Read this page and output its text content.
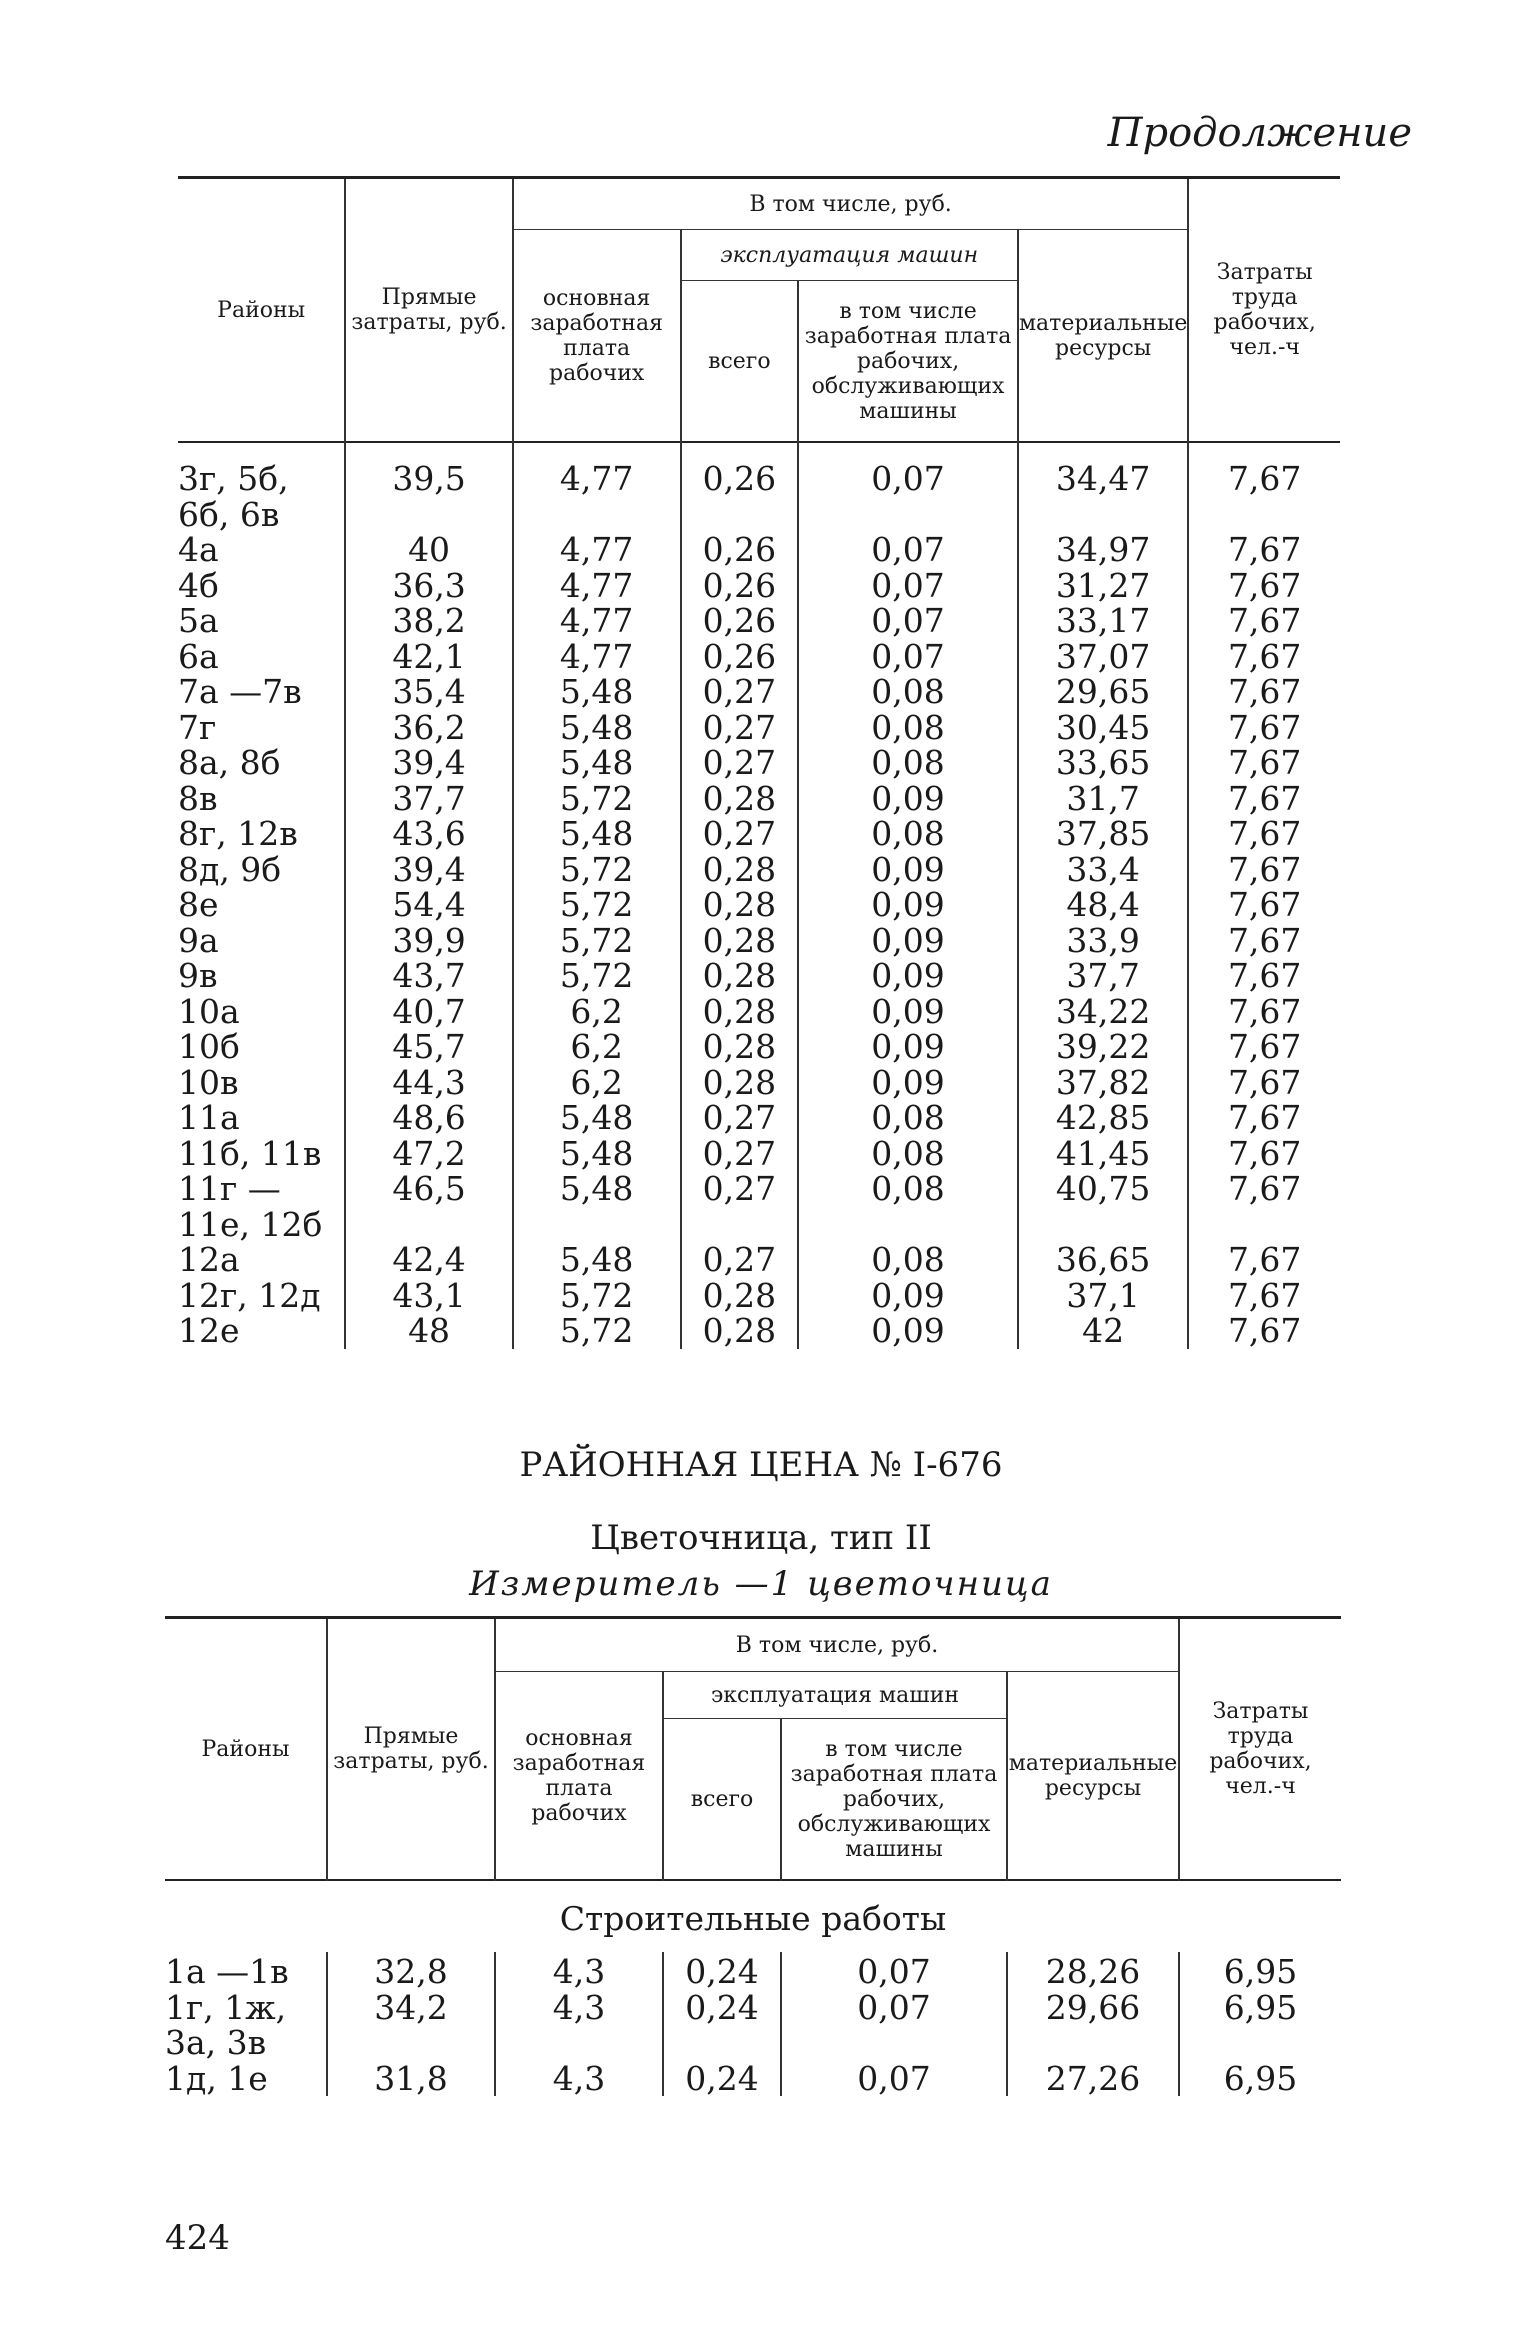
Продолжение
Районы	Прямые затраты, руб.	В том числе, руб.				Затраты труда рабочих, чел.-ч
		основная заработная плата рабочих	эксплуатация машин		материальные ресурсы	
			всего	в том числе заработная плата рабочих, обслуживающих машины		
3г, 5б, 6б, 6в	39,5	4,77	0,26	0,07	34,47	7,67
4а	40	4,77	0,26	0,07	34,97	7,67
4б	36,3	4,77	0,26	0,07	31,27	7,67
5а	38,2	4,77	0,26	0,07	33,17	7,67
6а	42,1	4,77	0,26	0,07	37,07	7,67
7а —7в	35,4	5,48	0,27	0,08	29,65	7,67
7г	36,2	5,48	0,27	0,08	30,45	7,67
8а, 8б	39,4	5,48	0,27	0,08	33,65	7,67
8в	37,7	5,72	0,28	0,09	31,7	7,67
8г, 12в	43,6	5,48	0,27	0,08	37,85	7,67
8д, 9б	39,4	5,72	0,28	0,09	33,4	7,67
8е	54,4	5,72	0,28	0,09	48,4	7,67
9а	39,9	5,72	0,28	0,09	33,9	7,67
9в	43,7	5,72	0,28	0,09	37,7	7,67
10а	40,7	6,2	0,28	0,09	34,22	7,67
10б	45,7	6,2	0,28	0,09	39,22	7,67
10в	44,3	6,2	0,28	0,09	37,82	7,67
11а	48,6	5,48	0,27	0,08	42,85	7,67
11б, 11в	47,2	5,48	0,27	0,08	41,45	7,67
11г —11е, 12б	46,5	5,48	0,27	0,08	40,75	7,67
12а	42,4	5,48	0,27	0,08	36,65	7,67
12г, 12д	43,1	5,72	0,28	0,09	37,1	7,67
12е	48	5,72	0,28	0,09	42	7,67
РАЙОННАЯ ЦЕНА № I-676
Цветочница, тип II
Измеритель —1 цветочница
Районы	Прямые затраты, руб.	В том числе, руб.				Затраты труда рабочих, чел.-ч
		основная заработная плата рабочих	эксплуатация машин		материальные ресурсы	
			всего	в том числе заработная плата рабочих, обслуживающих машины		
Строительные работы						
1а —1в	32,8	4,3	0,24	0,07	28,26	6,95
1г, 1ж, 3а, 3в	34,2	4,3	0,24	0,07	29,66	6,95
1д, 1е	31,8	4,3	0,24	0,07	27,26	6,95
424
